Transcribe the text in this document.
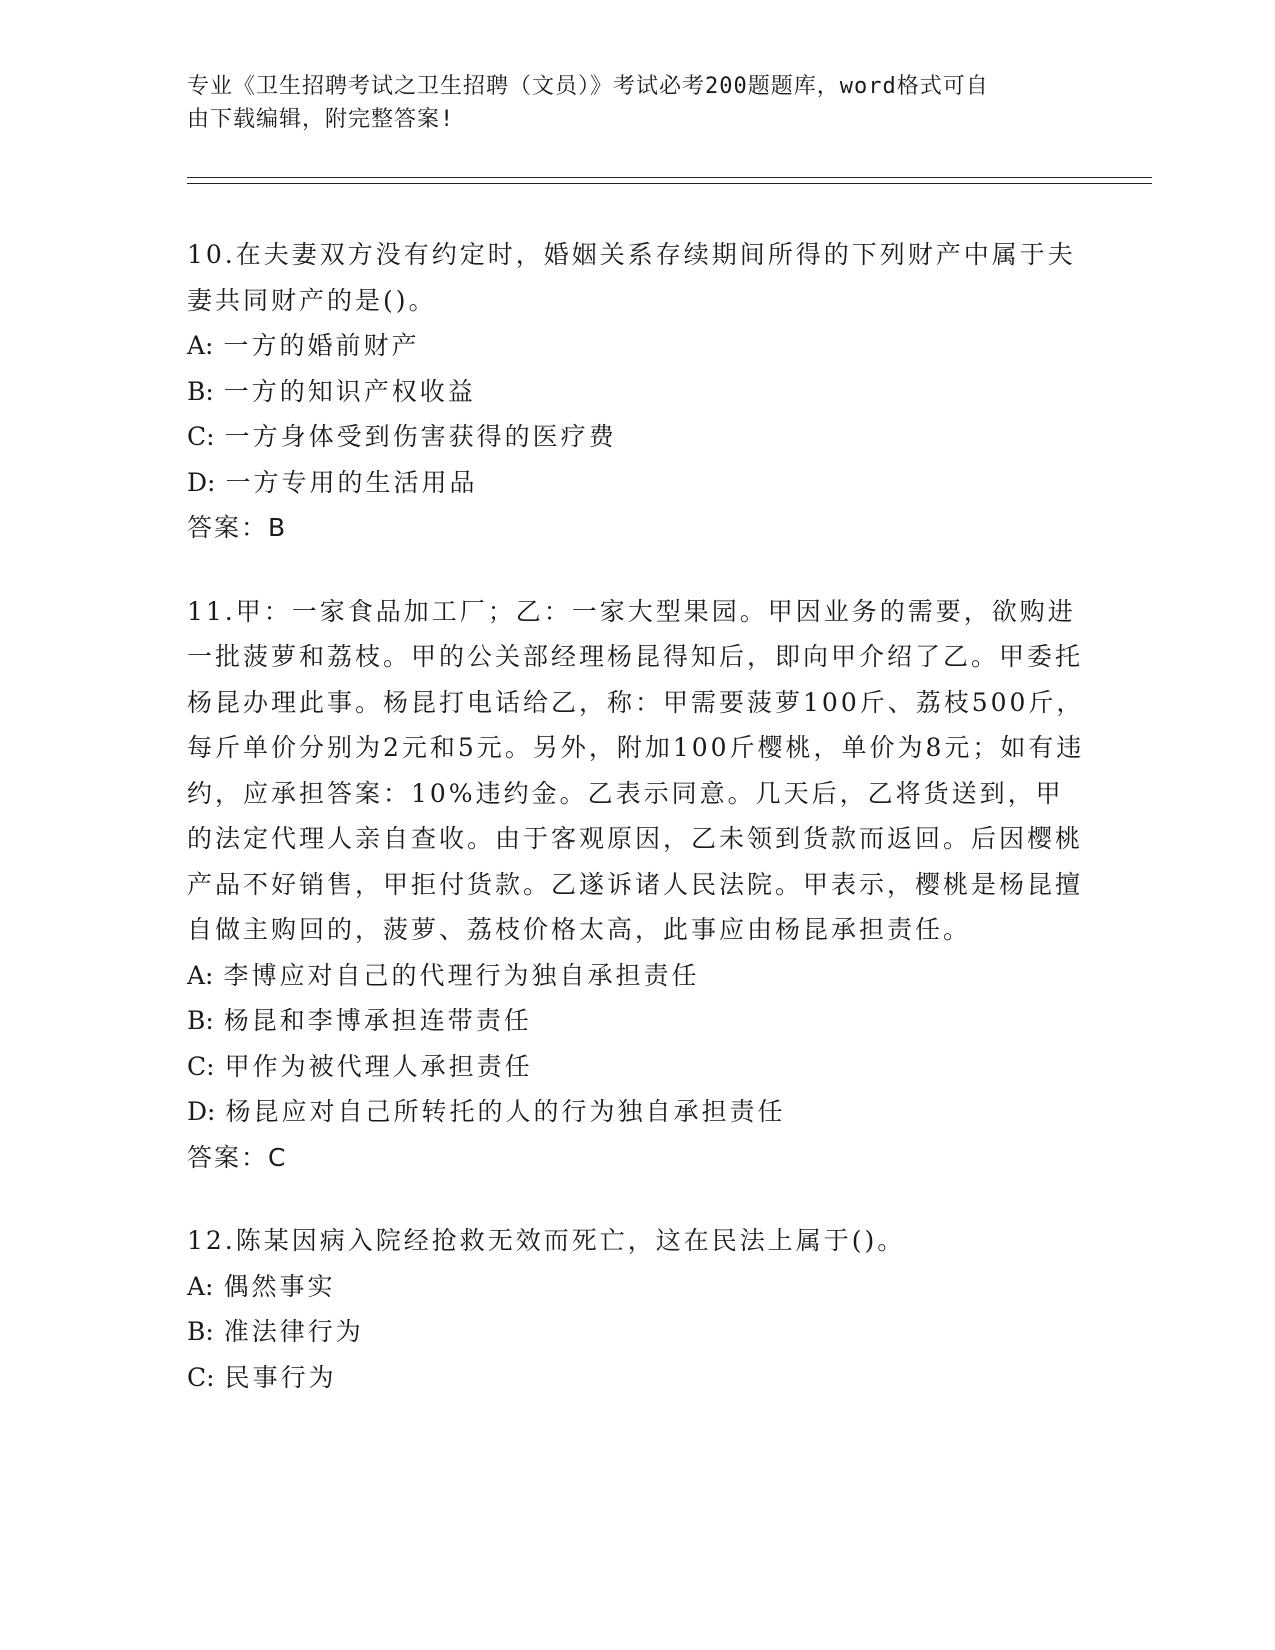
专业《卫生招聘考试之卫生招聘（文员）》考试必考200题题库，word格式可自
由下载编辑，附完整答案!

10.在夫妻双方没有约定时，婚姻关系存续期间所得的下列财产中属于夫妻共同财产的是()。

A: 一方的婚前财产

B: 一方的知识产权收益

C: 一方身体受到伤害获得的医疗费

D: 一方专用的生活用品

答案：B

11.甲：一家食品加工厂；乙：一家大型果园。甲因业务的需要，欲购进一批菠萝和荔枝。甲的公关部经理杨昆得知后，即向甲介绍了乙。甲委托杨昆办理此事。杨昆打电话给乙，称：甲需要菠萝100斤、荔枝500斤，每斤单价分别为2元和5元。另外，附加100斤樱桃，单价为8元；如有违约，应承担答案：10%违约金。乙表示同意。几天后，乙将货送到，甲的法定代理人亲自查收。由于客观原因，乙未领到货款而返回。后因樱桃产品不好销售，甲拒付货款。乙遂诉诸人民法院。甲表示，樱桃是杨昆擅自做主购回的，菠萝、荔枝价格太高，此事应由杨昆承担责任。

A: 李博应对自己的代理行为独自承担责任

B: 杨昆和李博承担连带责任

C: 甲作为被代理人承担责任

D: 杨昆应对自己所转托的人的行为独自承担责任

答案：C

12.陈某因病入院经抢救无效而死亡，这在民法上属于()。

A: 偶然事实

B: 准法律行为

C: 民事行为
